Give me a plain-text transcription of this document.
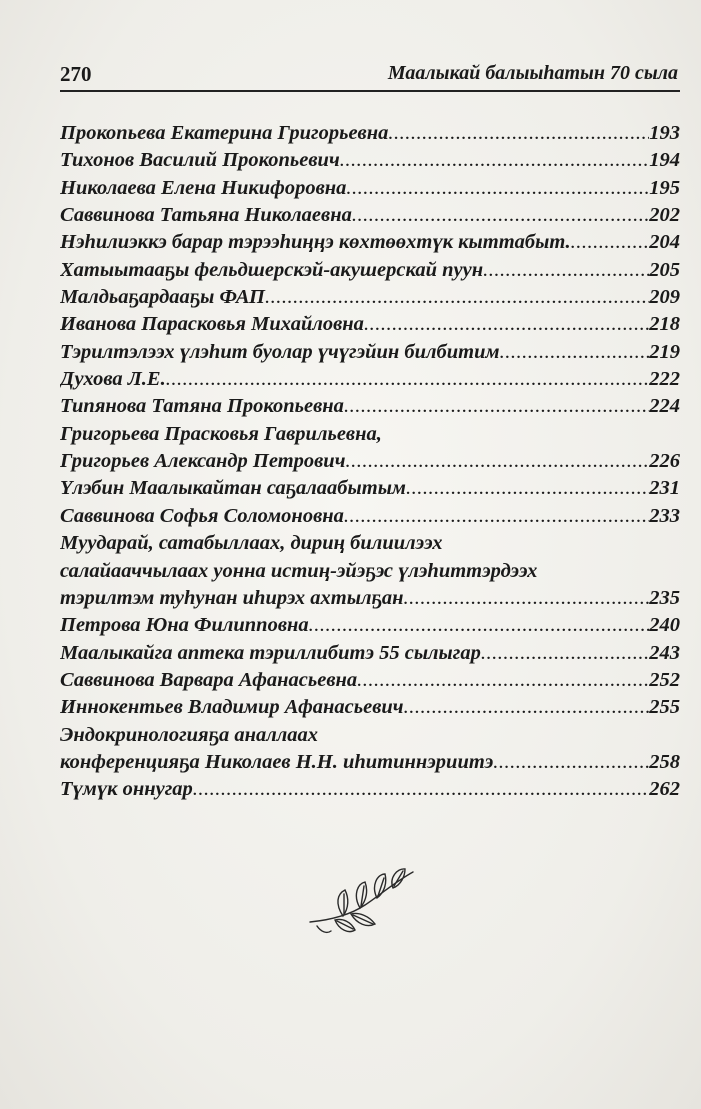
270	Маалыкай балыыhатын 70 сыла
Прокопьева Екатерина Григорьевна .....	193
Тихонов Василий Прокопьевич .....	194
Николаева Елена Никифоровна .....	195
Саввинова Татьяна Николаевна .....	202
Нэhилиэккэ барар тэрээhиңңэ көхтөөхтүк кыттабыт. .....	204
Хатыытааҕы фельдшерскэй-акушерскай пуун .....	205
Малдьаҕардааҕы ФАП .....	209
Иванова Парасковья Михайловна .....	218
Тэрилтэлээх үлэhит буолар үчүгэйин билбитим .....	219
Духова Л.Е. .....	222
Типянова Татяна Прокопьевна .....	224
Григорьева Прасковья Гаврильевна,
Григорьев Александр Петрович .....	226
Үлэбин Маалыкайтан саҕалаабытым .....	231
Саввинова Софья Соломоновна .....	233
Муударай, сатабыллаах, дириң билиилээх
салайааччылаах уонна истиң-эйэҕэс үлэhиттэрдээх
тэрилтэм туhунан иhирэх ахтылҕан .....	235
Петрова Юна Филипповна .....	240
Маалыкайга аптека тэриллибитэ 55 сылыгар .....	243
Саввинова Варвара Афанасьевна .....	252
Иннокентьев Владимир Афанасьевич .....	255
Эндокринологияҕа аналлаах
конференцияҕа Николаев Н.Н. иhитиннэриитэ .....	258
Түмүк оннугар .....	262
